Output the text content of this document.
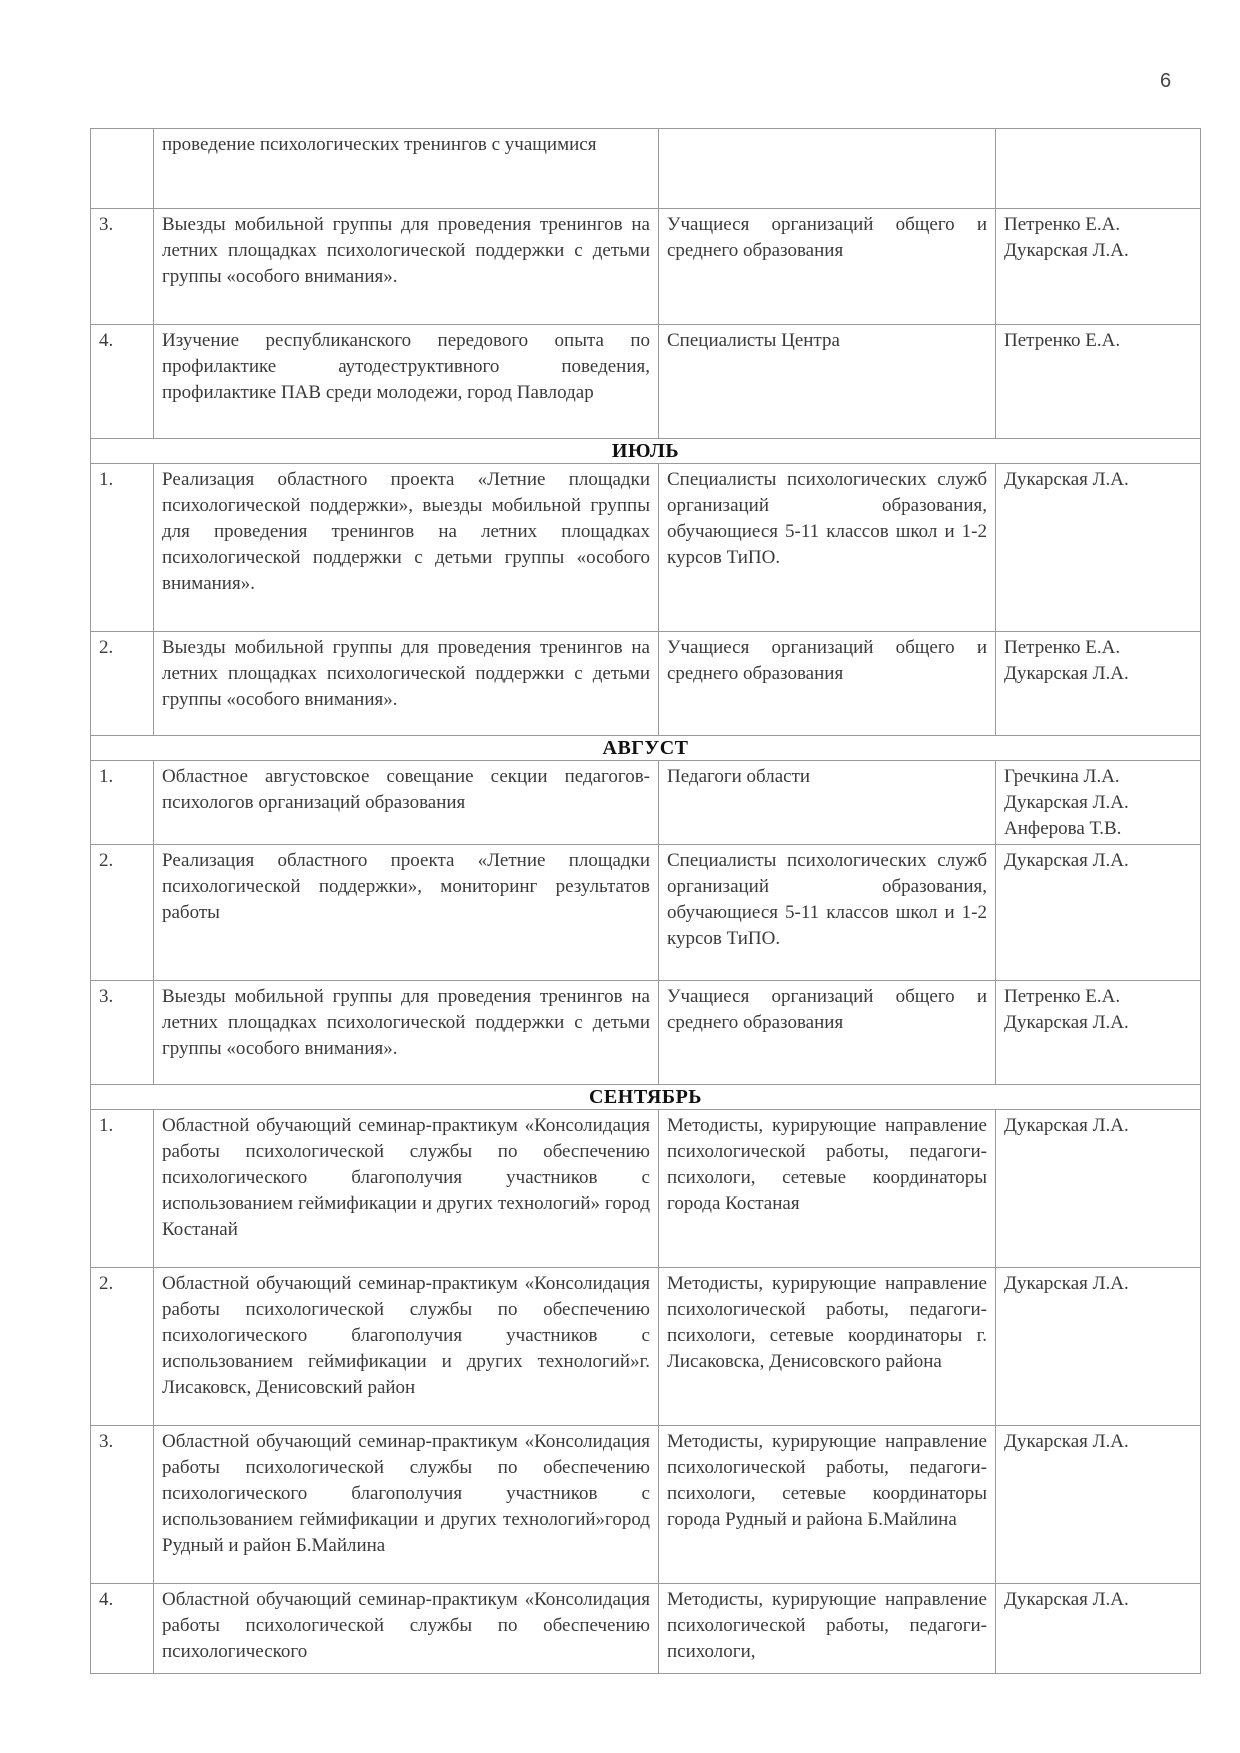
6
	проведение психологических тренингов с учащимися		
3.	Выезды мобильной группы для проведения тренингов на летних площадках психологической поддержки с детьми группы «особого внимания».	Учащиеся организаций общего и среднего образования	Петренко Е.А.
Дукарская Л.А.

4.	Изучение республиканского передового опыта по профилактике аутодеструктивного поведения, профилактике ПАВ среди молодежи, город Павлодар	Специалисты Центра	Петренко Е.А.

ИЮЛЬ			
1.	Реализация областного проекта «Летние площадки психологической поддержки», выезды мобильной группы для проведения тренингов на летних площадках психологической поддержки с детьми группы «особого внимания».	Специалисты психологических служб организаций образования, обучающиеся 5-11 классов школ и 1-2 курсов ТиПО.	Дукарская Л.А.

2.	Выезды мобильной группы для проведения тренингов на летних площадках психологической поддержки с детьми группы «особого внимания».	Учащиеся организаций общего и среднего образования	Петренко Е.А.
Дукарская Л.А.

АВГУСТ			
1.	Областное августовское совещание секции педагогов-психологов организаций образования	Педагоги области	Гречкина Л.А.
Дукарская Л.А.
Анферова Т.В.

2.	Реализация областного проекта «Летние площадки психологической поддержки», мониторинг результатов работы	Специалисты психологических служб организаций образования, обучающиеся 5-11 классов школ и 1-2 курсов ТиПО.	Дукарская Л.А.

3.	Выезды мобильной группы для проведения тренингов на летних площадках психологической поддержки с детьми группы «особого внимания».	Учащиеся организаций общего и среднего образования	Петренко Е.А.
Дукарская Л.А.

СЕНТЯБРЬ			
1.	Областной обучающий семинар-практикум «Консолидация работы психологической службы по обеспечению психологического благополучия участников с использованием геймификации и других технологий» город Костанай	Методисты, курирующие направление психологической работы, педагоги-психологи, сетевые координаторы города Костаная	Дукарская Л.А.

2.	Областной обучающий семинар-практикум «Консолидация работы психологической службы по обеспечению психологического благополучия участников с использованием геймификации и других технологий»г. Лисаковск, Денисовский район	Методисты, курирующие направление психологической работы, педагоги-психологи, сетевые координаторы г. Лисаковска, Денисовского района	Дукарская Л.А.

3.	Областной обучающий семинар-практикум «Консолидация работы психологической службы по обеспечению психологического благополучия участников с использованием геймификации и других технологий»город Рудный и район Б.Майлина	Методисты, курирующие направление психологической работы, педагоги-психологи, сетевые координаторы города Рудный и района Б.Майлина	Дукарская Л.А.

4.	Областной обучающий семинар-практикум «Консолидация работы психологической службы по обеспечению психологического	Методисты, курирующие направление психологической работы, педагоги-психологи,	Дукарская Л.А.
